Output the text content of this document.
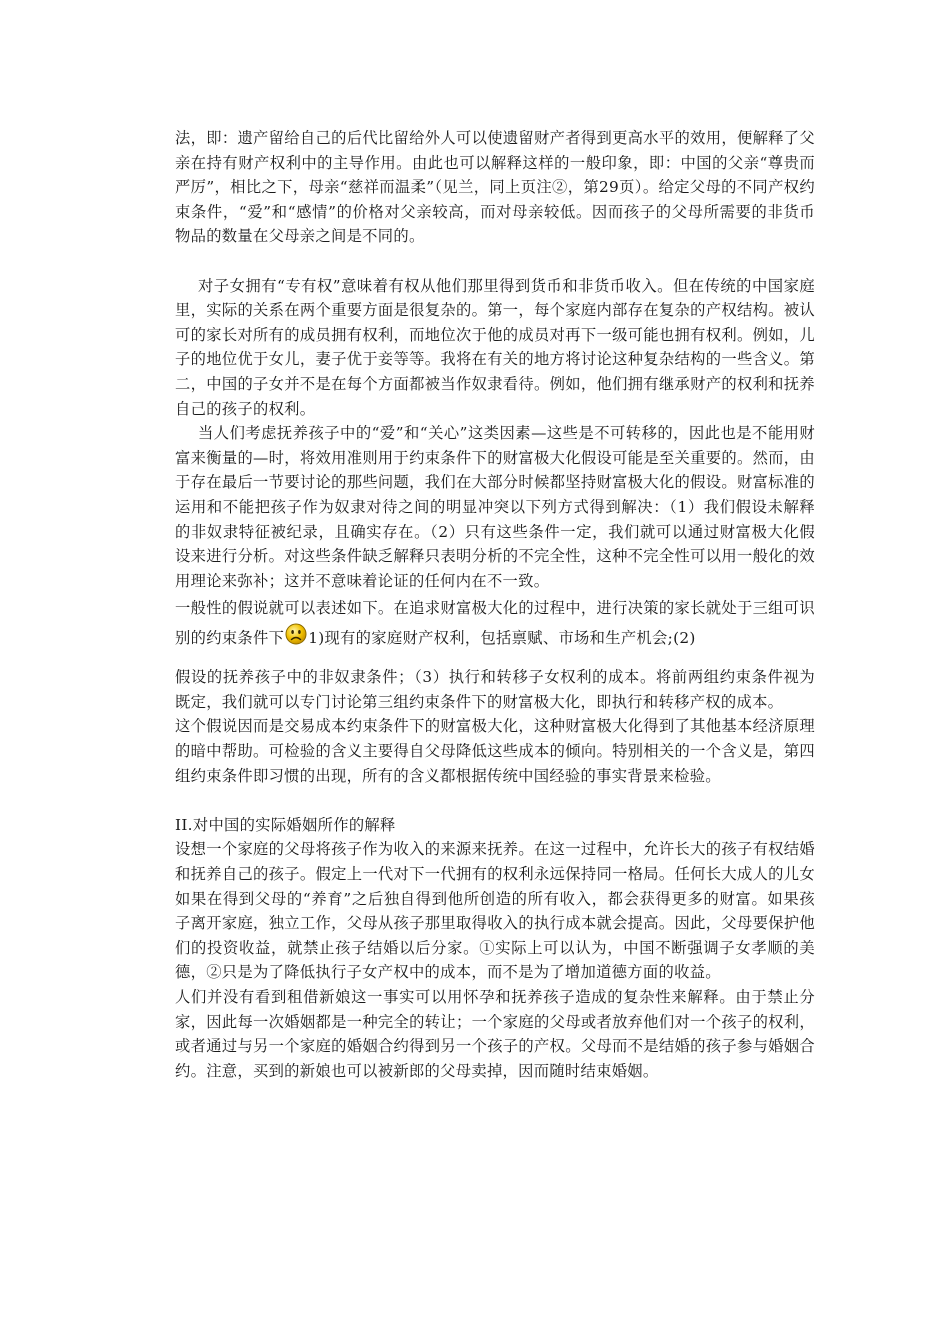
法，即：遗产留给自己的后代比留给外人可以使遗留财产者得到更高水平的效用，便解释了父亲在持有财产权利中的主导作用。由此也可以解释这样的一般印象，即：中国的父亲“尊贵而严厉”，相比之下，母亲“慈祥而温柔”（见兰，同上页注②，第29页）。给定父母的不同产权约束条件，“爱”和“感情”的价格对父亲较高，而对母亲较低。因而孩子的父母所需要的非货币物品的数量在父母亲之间是不同的。

对子女拥有“专有权”意味着有权从他们那里得到货币和非货币收入。但在传统的中国家庭里，实际的关系在两个重要方面是很复杂的。第一，每个家庭内部存在复杂的产权结构。被认可的家长对所有的成员拥有权利，而地位次于他的成员对再下一级可能也拥有权利。例如，儿子的地位优于女儿，妻子优于妾等等。我将在有关的地方将讨论这种复杂结构的一些含义。第二，中国的子女并不是在每个方面都被当作奴隶看待。例如，他们拥有继承财产的权利和抚养自己的孩子的权利。

当人们考虑抚养孩子中的“爱”和“关心”这类因素—这些是不可转移的，因此也是不能用财富来衡量的—时，将效用准则用于约束条件下的财富极大化假设可能是至关重要的。然而，由于存在最后一节要讨论的那些问题，我们在大部分时候都坚持财富极大化的假设。财富标准的运用和不能把孩子作为奴隶对待之间的明显冲突以下列方式得到解决：（1）我们假设未解释的非奴隶特征被纪录，且确实存在。（2）只有这些条件一定，我们就可以通过财富极大化假设来进行分析。对这些条件缺乏解释只表明分析的不完全性，这种不完全性可以用一般化的效用理论来弥补；这并不意味着论证的任何内在不一致。

一般性的假说就可以表述如下。在追求财富极大化的过程中，进行决策的家长就处于三组可识别的约束条件下 1)现有的家庭财产权利，包括禀赋、市场和生产机会;(2)

假设的抚养孩子中的非奴隶条件；（3）执行和转移子女权利的成本。将前两组约束条件视为既定，我们就可以专门讨论第三组约束条件下的财富极大化，即执行和转移产权的成本。

这个假说因而是交易成本约束条件下的财富极大化，这种财富极大化得到了其他基本经济原理的暗中帮助。可检验的含义主要得自父母降低这些成本的倾向。特别相关的一个含义是，第四组约束条件即习惯的出现，所有的含义都根据传统中国经验的事实背景来检验。

II.对中国的实际婚姻所作的解释

设想一个家庭的父母将孩子作为收入的来源来抚养。在这一过程中，允许长大的孩子有权结婚和抚养自己的孩子。假定上一代对下一代拥有的权利永远保持同一格局。任何长大成人的儿女如果在得到父母的“养育”之后独自得到他所创造的所有收入，都会获得更多的财富。如果孩子离开家庭，独立工作，父母从孩子那里取得收入的执行成本就会提高。因此，父母要保护他们的投资收益，就禁止孩子结婚以后分家。①实际上可以认为，中国不断强调子女孝顺的美德，②只是为了降低执行子女产权中的成本，而不是为了增加道德方面的收益。

人们并没有看到租借新娘这一事实可以用怀孕和抚养孩子造成的复杂性来解释。由于禁止分家，因此每一次婚姻都是一种完全的转让；一个家庭的父母或者放弃他们对一个孩子的权利，或者通过与另一个家庭的婚姻合约得到另一个孩子的产权。父母而不是结婚的孩子参与婚姻合约。注意，买到的新娘也可以被新郎的父母卖掉，因而随时结束婚姻。
